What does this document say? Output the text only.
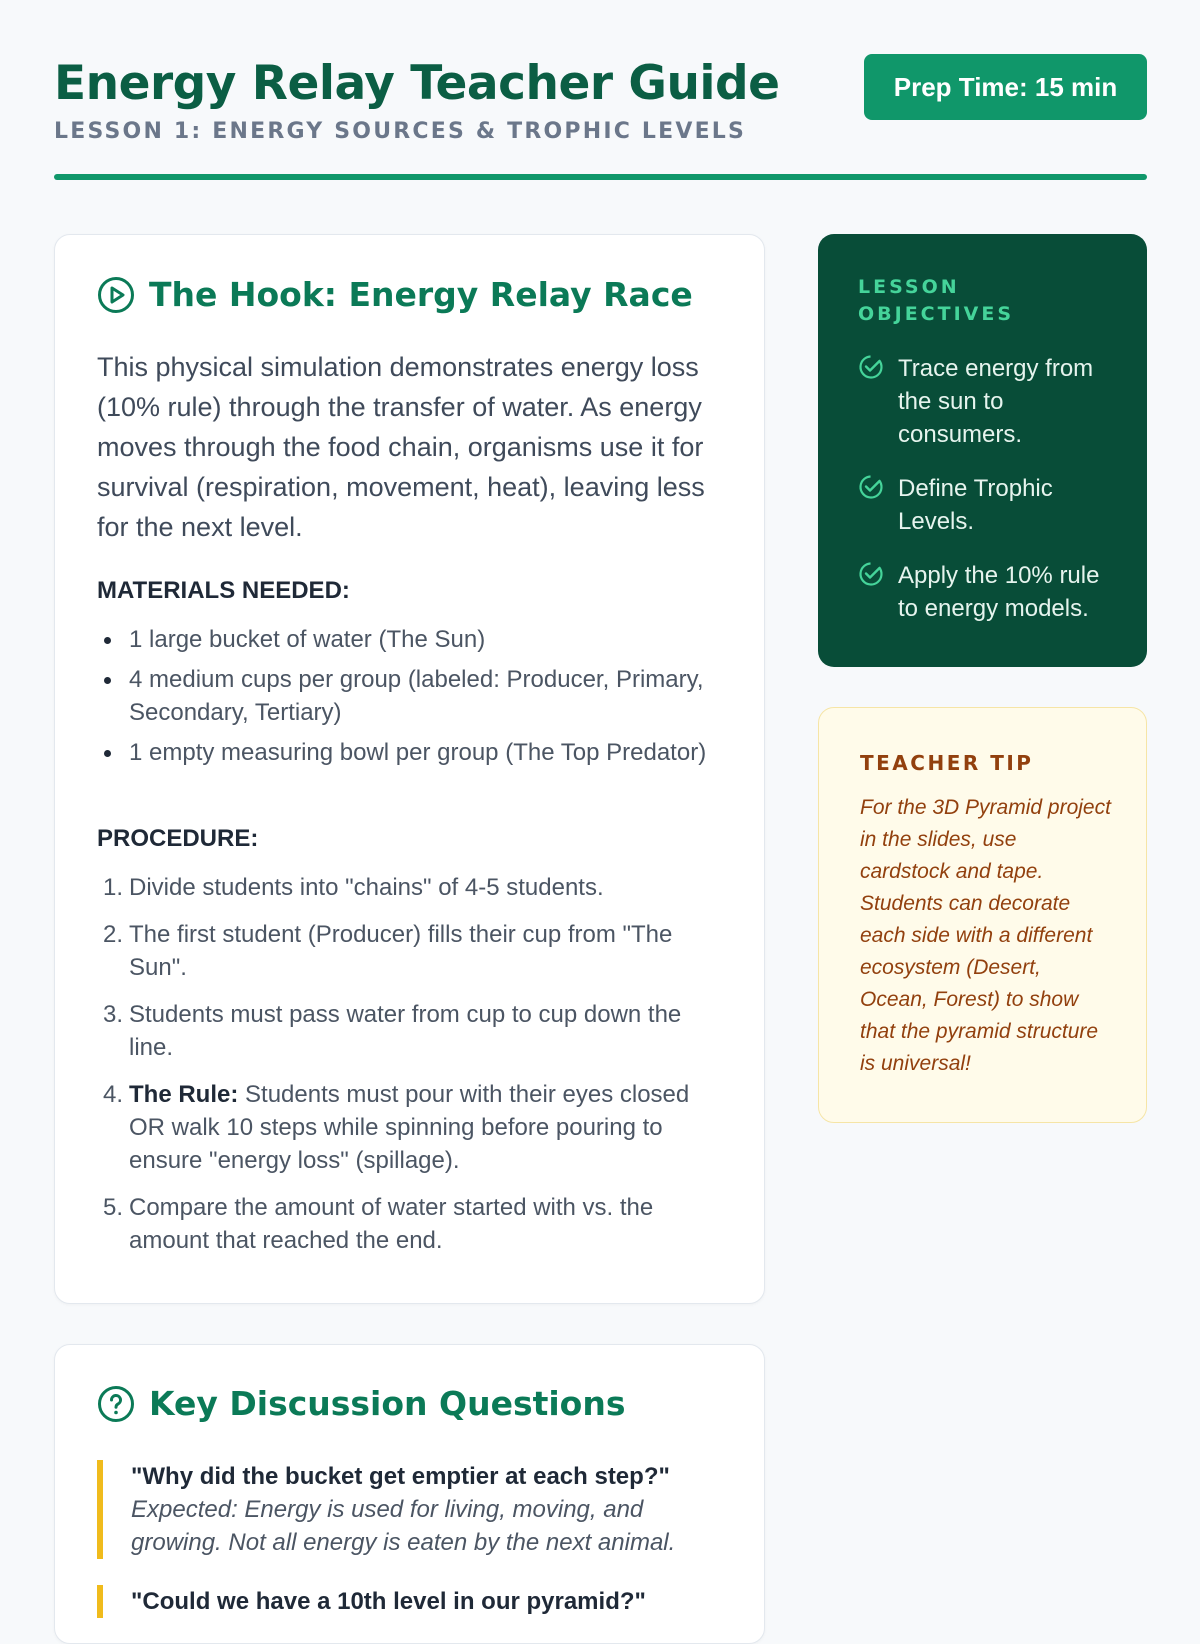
Energy Relay Teacher Guide
LESSON 1: ENERGY SOURCES & TROPHIC LEVELS
Prep Time: 15 min
The Hook: Energy Relay Race
This physical simulation demonstrates energy loss (10% rule) through the transfer of water. As energy moves through the food chain, organisms use it for survival (respiration, movement, heat), leaving less for the next level.
MATERIALS NEEDED:
1 large bucket of water (The Sun)
4 medium cups per group (labeled: Producer, Primary, Secondary, Tertiary)
1 empty measuring bowl per group (The Top Predator)
PROCEDURE:
1. Divide students into "chains" of 4-5 students.
2. The first student (Producer) fills their cup from "The Sun".
3. Students must pass water from cup to cup down the line.
4. The Rule: Students must pour with their eyes closed OR walk 10 steps while spinning before pouring to ensure "energy loss" (spillage).
5. Compare the amount of water started with vs. the amount that reached the end.
Key Discussion Questions
"Why did the bucket get emptier at each step?"
Expected: Energy is used for living, moving, and growing. Not all energy is eaten by the next animal.
"Could we have a 10th level in our pyramid?"
LESSON OBJECTIVES
Trace energy from the sun to consumers.
Define Trophic Levels.
Apply the 10% rule to energy models.
TEACHER TIP
For the 3D Pyramid project in the slides, use cardstock and tape. Students can decorate each side with a different ecosystem (Desert, Ocean, Forest) to show that the pyramid structure is universal!
